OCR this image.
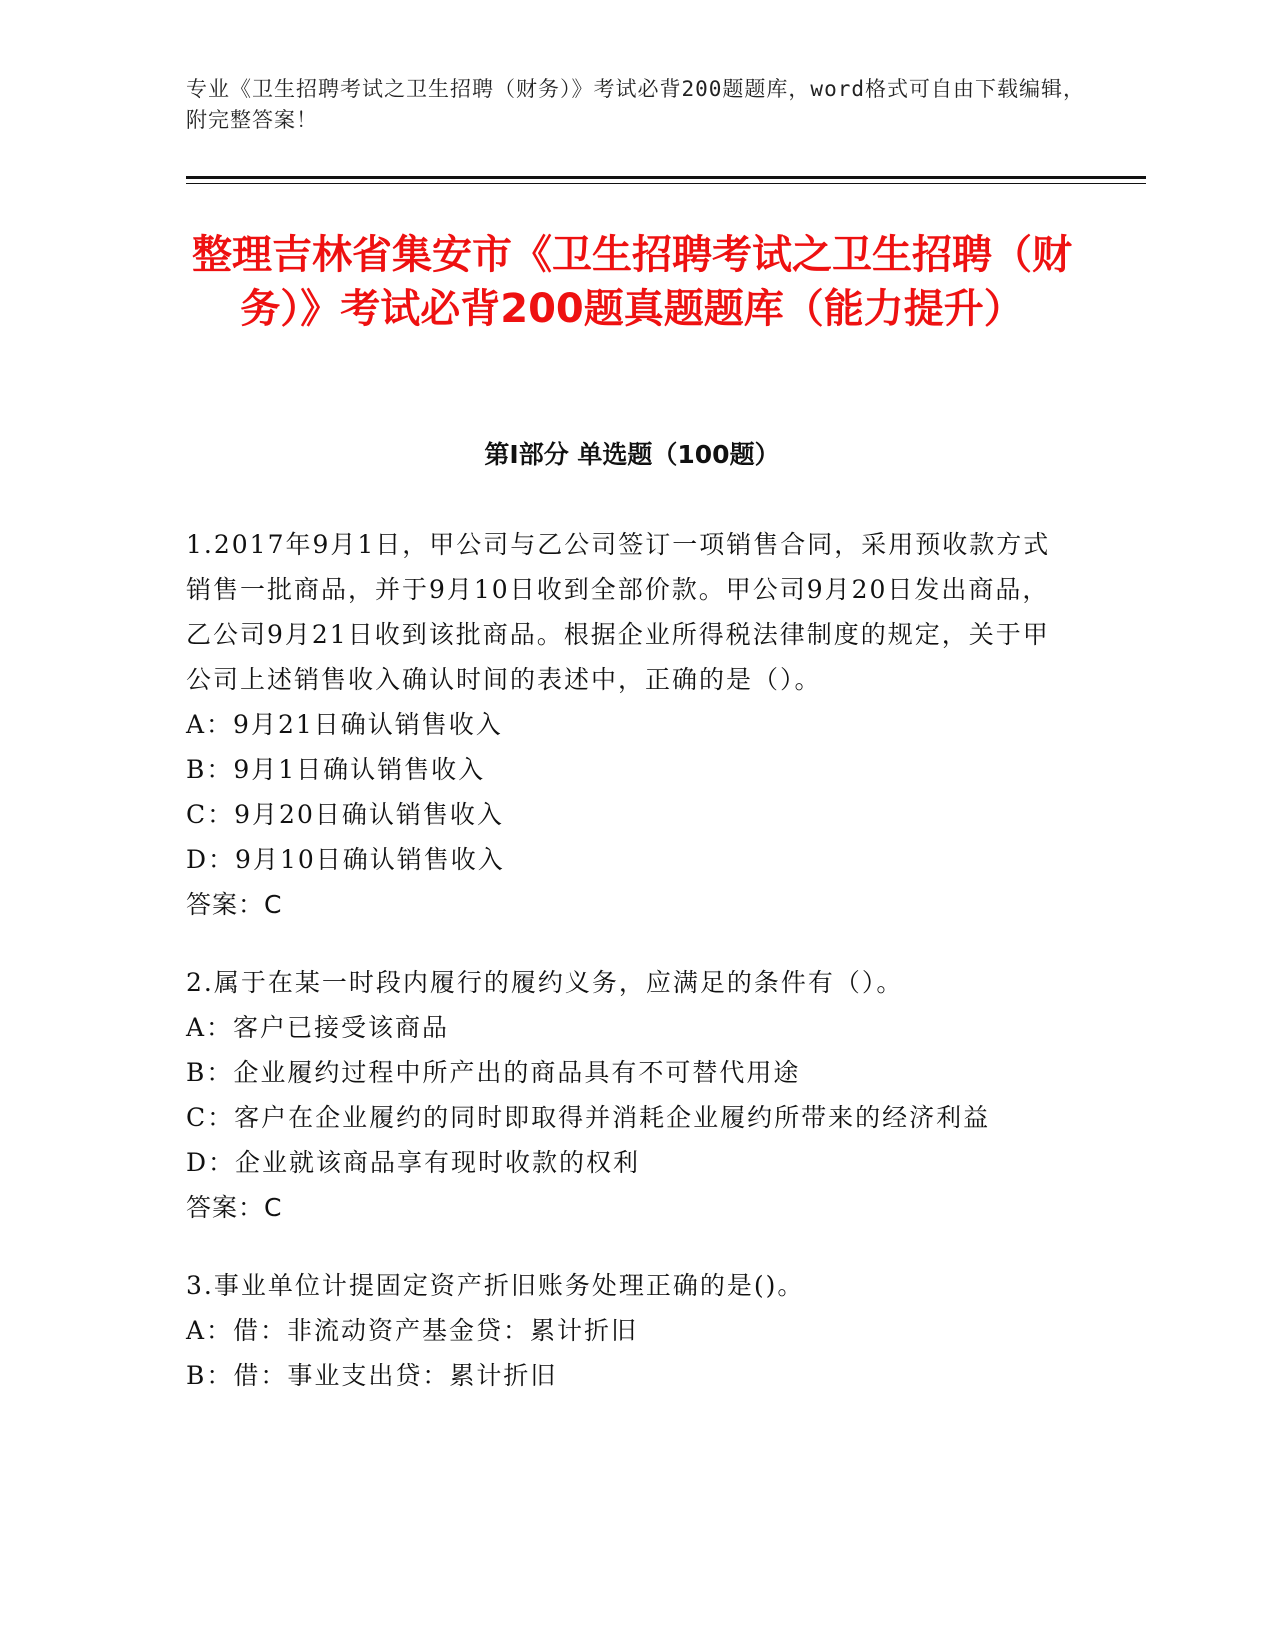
专业《卫生招聘考试之卫生招聘（财务）》考试必背200题题库，word格式可自由下载编辑，附完整答案！
整理吉林省集安市《卫生招聘考试之卫生招聘（财务）》考试必背200题真题题库（能力提升）
第Ⅰ部分 单选题（100题）

1.2017年9月1日，甲公司与乙公司签订一项销售合同，采用预收款方式销售一批商品，并于9月10日收到全部价款。甲公司9月20日发出商品，乙公司9月21日收到该批商品。根据企业所得税法律制度的规定，关于甲公司上述销售收入确认时间的表述中，正确的是（）。

A：9月21日确认销售收入

B：9月1日确认销售收入

C：9月20日确认销售收入

D：9月10日确认销售收入

答案：C

2.属于在某一时段内履行的履约义务，应满足的条件有（）。

A：客户已接受该商品

B：企业履约过程中所产出的商品具有不可替代用途

C：客户在企业履约的同时即取得并消耗企业履约所带来的经济利益

D：企业就该商品享有现时收款的权利

答案：C

3.事业单位计提固定资产折旧账务处理正确的是()。

A：借：非流动资产基金贷：累计折旧

B：借：事业支出贷：累计折旧
